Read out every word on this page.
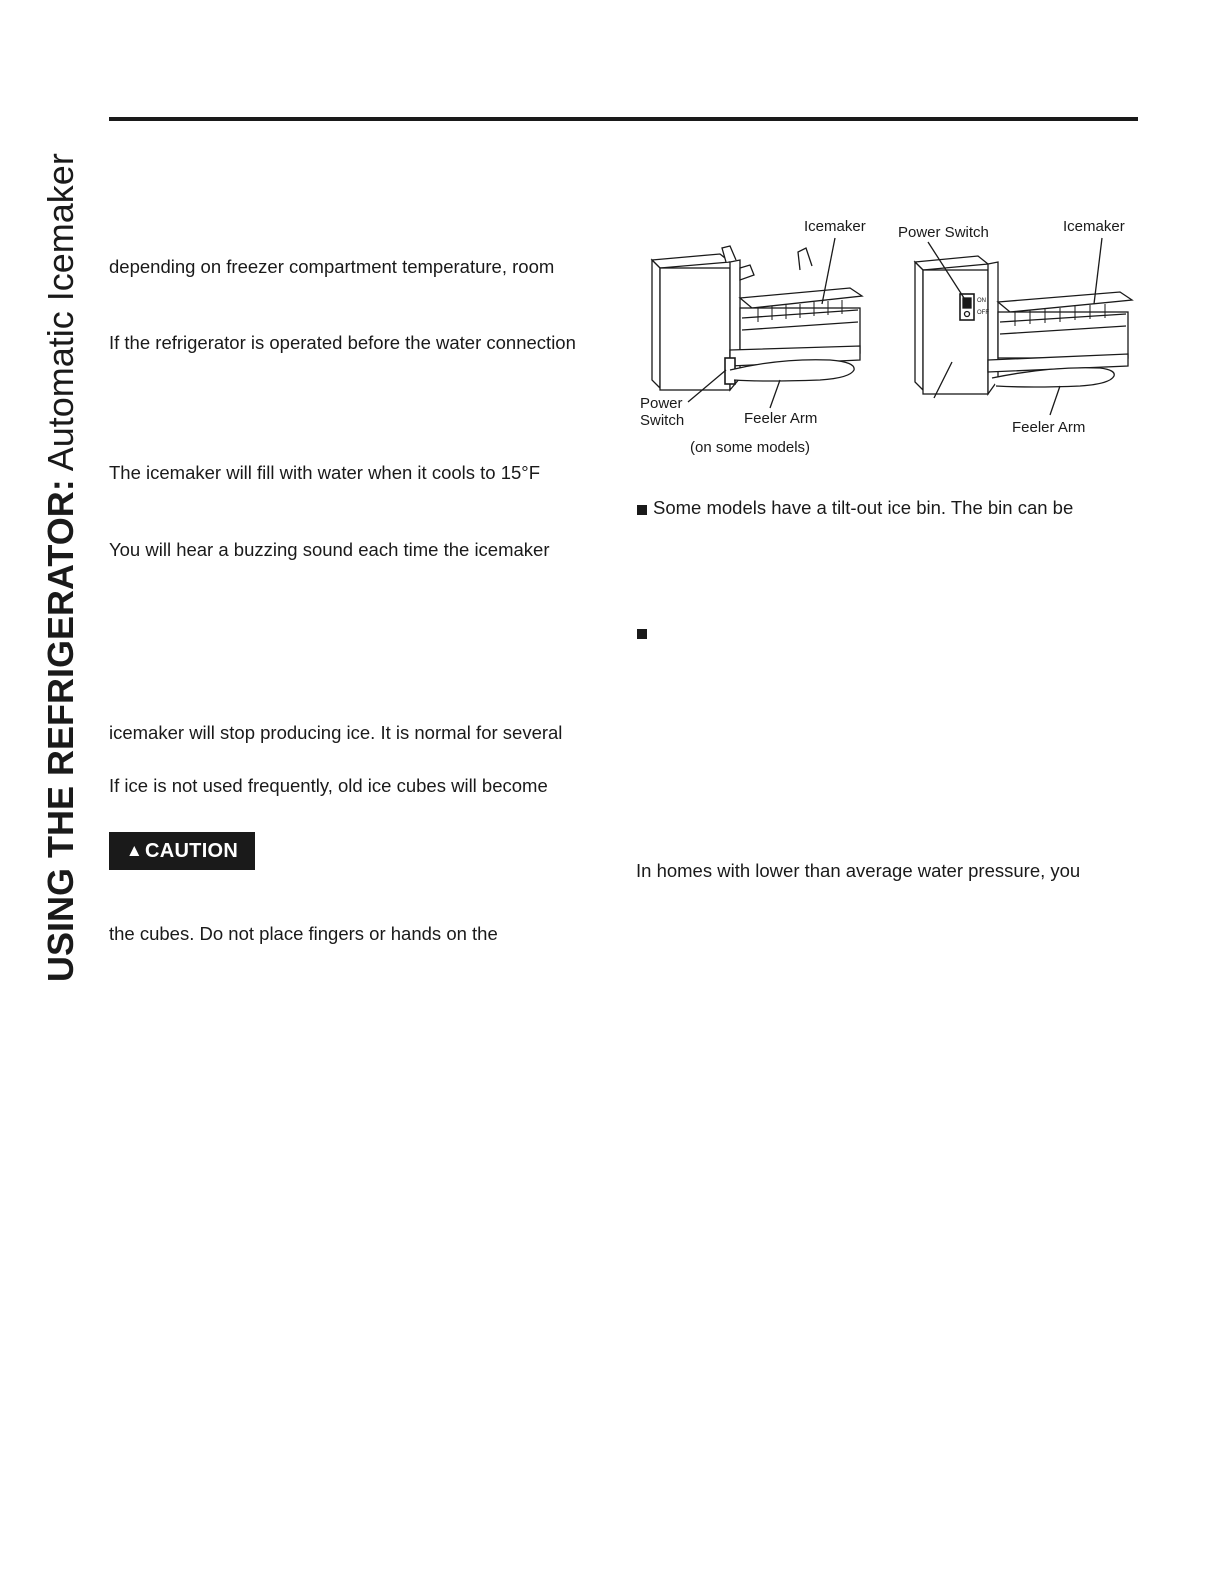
USING THE REFRIGERATOR: Automatic Icemaker depending on freezer compartment temperature, room
If the refrigerator is operated before the water connection
The icemaker will fill with water when it cools to 15°F
You will hear a buzzing sound each time the icemaker
icemaker will stop producing ice. It is normal for several
If ice is not used frequently, old ice cubes will become
▲ CAUTION
the cubes. Do not place fingers or hands on the
Icemaker
Power
Switch	Feeler Arm
(on some models)
ON
OFF
Power Switch	Icemaker
Feeler Arm
Some models have a tilt-out ice bin. The bin can be
In homes with lower than average water pressure, you
